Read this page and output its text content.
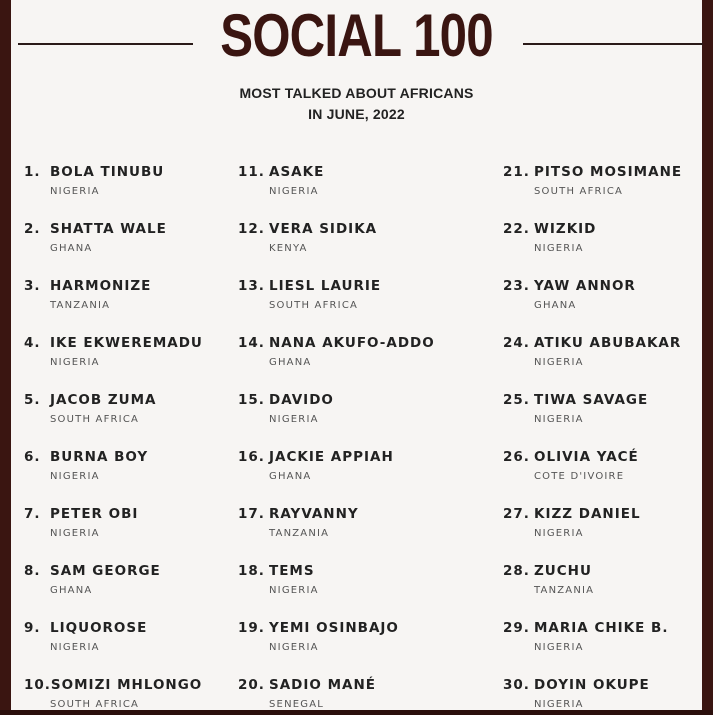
SOCIAL 100
MOST TALKED ABOUT AFRICANS
IN JUNE, 2022
1. BOLA TINUBU
NIGERIA
2. SHATTA WALE
GHANA
3. HARMONIZE
TANZANIA
4. IKE EKWEREMADU
NIGERIA
5. JACOB ZUMA
SOUTH AFRICA
6. BURNA BOY
NIGERIA
7. PETER OBI
NIGERIA
8. SAM GEORGE
GHANA
9. LIQUOROSE
NIGERIA
10.SOMIZI MHLONGO
SOUTH AFRICA
11. ASAKE
NIGERIA
12. VERA SIDIKA
KENYA
13. LIESL LAURIE
SOUTH AFRICA
14. NANA AKUFO-ADDO
GHANA
15. DAVIDO
NIGERIA
16. JACKIE APPIAH
GHANA
17. RAYVANNY
TANZANIA
18. TEMS
NIGERIA
19. YEMI OSINBAJO
NIGERIA
20. SADIO MANÉ
SENEGAL
21. PITSO MOSIMANE
SOUTH AFRICA
22. WIZKID
NIGERIA
23. YAW ANNOR
GHANA
24. ATIKU ABUBAKAR
NIGERIA
25. TIWA SAVAGE
NIGERIA
26. OLIVIA YACÉ
COTE D'IVOIRE
27. KIZZ DANIEL
NIGERIA
28. ZUCHU
TANZANIA
29. MARIA CHIKE B.
NIGERIA
30. DOYIN OKUPE
NIGERIA
